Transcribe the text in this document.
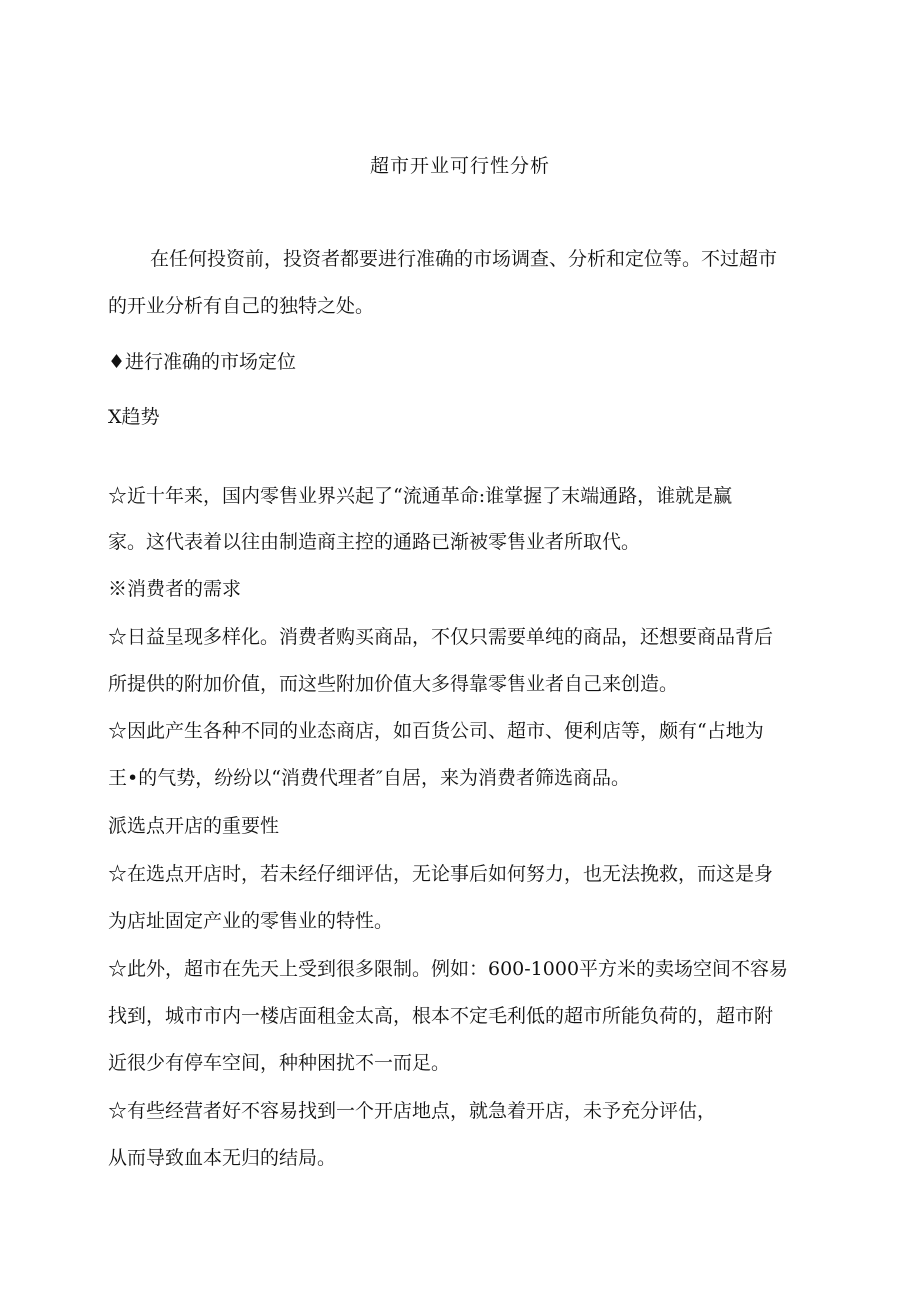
超市开业可行性分析
在任何投资前，投资者都要进行准确的市场调查、分析和定位等。不过超市
的开业分析有自己的独特之处。
♦进行准确的市场定位
X趋势
☆近十年来，国内零售业界兴起了“流通革命:谁掌握了末端通路，谁就是赢
家。这代表着以往由制造商主控的通路已渐被零售业者所取代。
※消费者的需求
☆日益呈现多样化。消费者购买商品，不仅只需要单纯的商品，还想要商品背后
所提供的附加价值，而这些附加价值大多得靠零售业者自己来创造。
☆因此产生各种不同的业态商店，如百货公司、超市、便利店等，颇有“占地为
王•的气势，纷纷以“消费代理者″自居，来为消费者筛选商品。
派选点开店的重要性
☆在选点开店时，若未经仔细评估，无论事后如何努力，也无法挽救，而这是身
为店址固定产业的零售业的特性。
☆此外，超市在先天上受到很多限制。例如：600-1000平方米的卖场空间不容易
找到，城市市内一楼店面租金太高，根本不定毛利低的超市所能负荷的，超市附
近很少有停车空间，种种困扰不一而足。
☆有些经营者好不容易找到一个开店地点，就急着开店，未予充分评估，
从而导致血本无归的结局。
